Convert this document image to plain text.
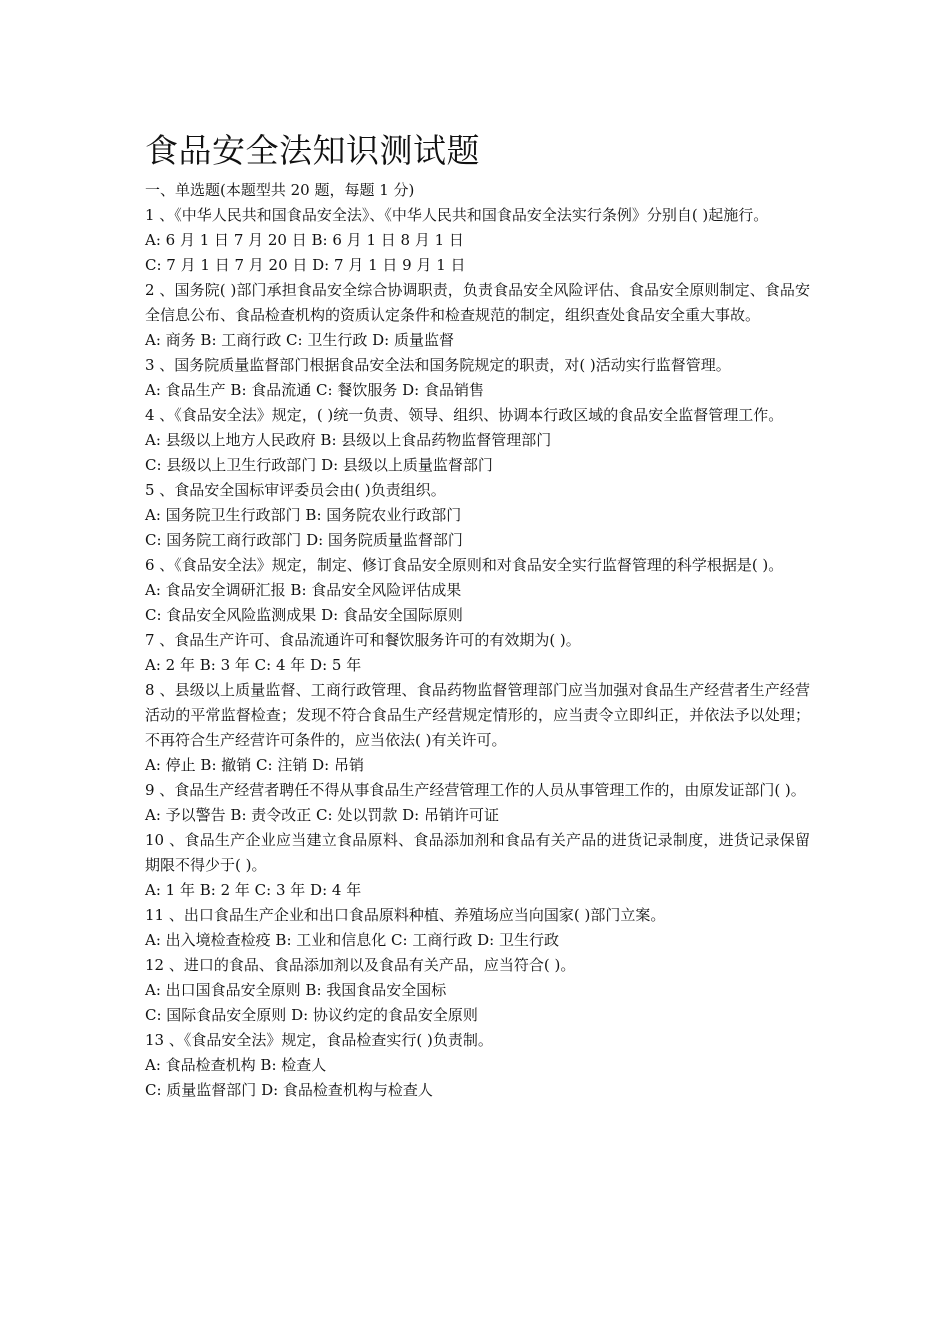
食品安全法知识测试题

一、单选题(本题型共 20 题，每题 1 分)

1 、《中华人民共和国食品安全法》、《中华人民共和国食品安全法实行条例》分别自( )起施行。

A: 6 月 1 日 7 月 20 日 B: 6 月 1 日 8 月 1 日

C: 7 月 1 日 7 月 20 日 D: 7 月 1 日 9 月 1 日

2 、国务院( )部门承担食品安全综合协调职责，负责食品安全风险评估、食品安全原则制定、食品安全信息公布、食品检查机构的资质认定条件和检查规范的制定，组织查处食品安全重大事故。

A: 商务 B: 工商行政 C: 卫生行政 D: 质量监督

3 、国务院质量监督部门根据食品安全法和国务院规定的职责，对( )活动实行监督管理。

A: 食品生产 B: 食品流通 C: 餐饮服务 D: 食品销售

4 、《食品安全法》规定，( )统一负责、领导、组织、协调本行政区域的食品安全监督管理工作。

A: 县级以上地方人民政府 B: 县级以上食品药物监督管理部门

C: 县级以上卫生行政部门 D: 县级以上质量监督部门

5 、食品安全国标审评委员会由( )负责组织。

A: 国务院卫生行政部门 B: 国务院农业行政部门

C: 国务院工商行政部门 D: 国务院质量监督部门

6 、《食品安全法》规定，制定、修订食品安全原则和对食品安全实行监督管理的科学根据是( )。

A: 食品安全调研汇报 B: 食品安全风险评估成果

C: 食品安全风险监测成果 D: 食品安全国际原则

7 、食品生产许可、食品流通许可和餐饮服务许可的有效期为( )。

A: 2 年 B: 3 年 C: 4 年 D: 5 年

8 、县级以上质量监督、工商行政管理、食品药物监督管理部门应当加强对食品生产经营者生产经营活动的平常监督检查；发现不符合食品生产经营规定情形的，应当责令立即纠正，并依法予以处理；不再符合生产经营许可条件的，应当依法( )有关许可。

A: 停止 B: 撤销 C: 注销 D: 吊销

9 、食品生产经营者聘任不得从事食品生产经营管理工作的人员从事管理工作的，由原发证部门( )。

A: 予以警告 B: 责令改正 C: 处以罚款 D: 吊销许可证

10 、食品生产企业应当建立食品原料、食品添加剂和食品有关产品的进货记录制度，进货记录保留期限不得少于( )。

A: 1 年 B: 2 年 C: 3 年 D: 4 年

11 、出口食品生产企业和出口食品原料种植、养殖场应当向国家( )部门立案。

A: 出入境检查检疫 B: 工业和信息化 C: 工商行政 D: 卫生行政

12 、进口的食品、食品添加剂以及食品有关产品，应当符合( )。

A: 出口国食品安全原则 B: 我国食品安全国标

C: 国际食品安全原则 D: 协议约定的食品安全原则

13 、《食品安全法》规定，食品检查实行( )负责制。

A: 食品检查机构 B: 检查人

C: 质量监督部门 D: 食品检查机构与检查人
